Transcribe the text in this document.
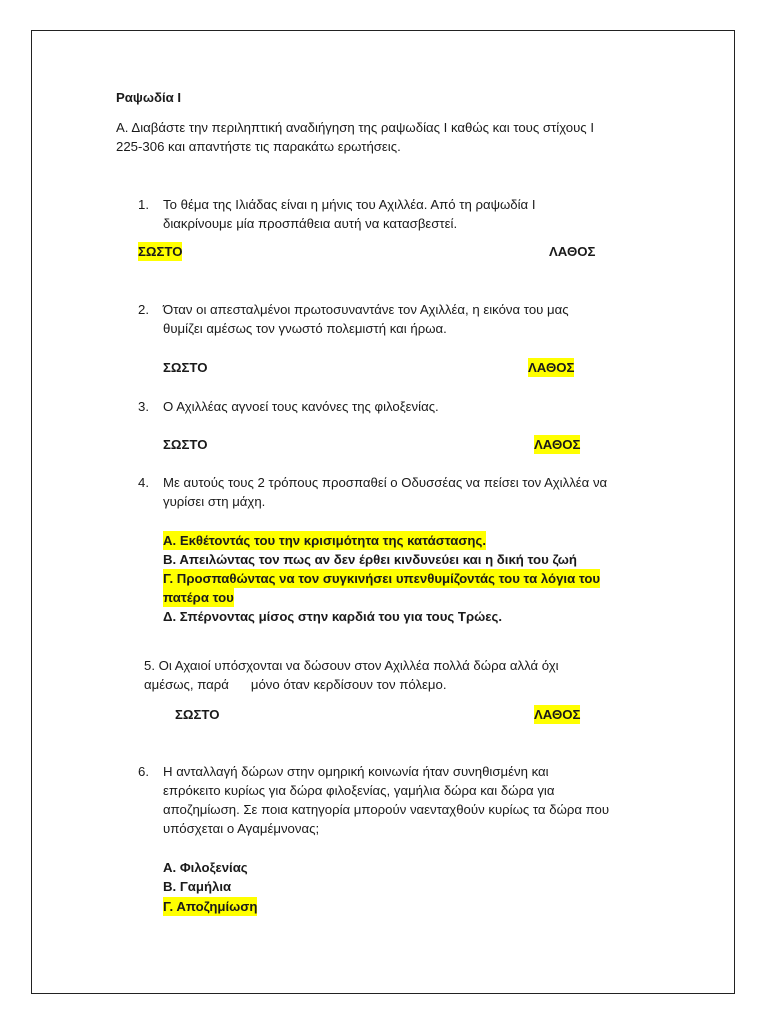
Ραψωδία Ι
Α. Διαβάστε την περιληπτική αναδιήγηση της ραψωδίας Ι καθώς και τους στίχους Ι
225-306 και απαντήστε τις παρακάτω ερωτήσεις.
1. Το θέμα της Ιλιάδας είναι η μήνις του Αχιλλέα. Από τη ραψωδία Ι
διακρίνουμε μία προσπάθεια αυτή να κατασβεστεί.
ΣΩΣΤΟ	ΛΑΘΟΣ
2. Όταν οι απεσταλμένοι πρωτοσυναντάνε τον Αχιλλέα, η εικόνα του μας
θυμίζει αμέσως τον γνωστό πολεμιστή και ήρωα.
ΣΩΣΤΟ	ΛΑΘΟΣ
3. Ο Αχιλλέας αγνοεί τους κανόνες της φιλοξενίας.
ΣΩΣΤΟ	ΛΑΘΟΣ
4. Με αυτούς τους 2 τρόπους προσπαθεί ο Οδυσσέας να πείσει τον Αχιλλέα να
γυρίσει στη μάχη.
Α. Εκθέτοντάς του την κρισιμότητα της κατάστασης.
Β. Απειλώντας τον πως αν δεν έρθει κινδυνεύει και η δική του ζωή
Γ. Προσπαθώντας να τον συγκινήσει υπενθυμίζοντάς του τα λόγια του
πατέρα του
Δ. Σπέρνοντας μίσος στην καρδιά του για τους Τρώες.
5. Οι Αχαιοί υπόσχονται να δώσουν στον Αχιλλέα πολλά δώρα αλλά όχι
αμέσως, παρά      μόνο όταν κερδίσουν τον πόλεμο.
ΣΩΣΤΟ	ΛΑΘΟΣ
6. Η ανταλλαγή δώρων στην ομηρική κοινωνία ήταν συνηθισμένη και
επρόκειτο κυρίως για δώρα φιλοξενίας, γαμήλια δώρα και δώρα για
αποζημίωση. Σε ποια κατηγορία μπορούν ναενταχθούν κυρίως τα δώρα που
υπόσχεται ο Αγαμέμνονας;
Α. Φιλοξενίας
Β. Γαμήλια
Γ. Αποζημίωση
